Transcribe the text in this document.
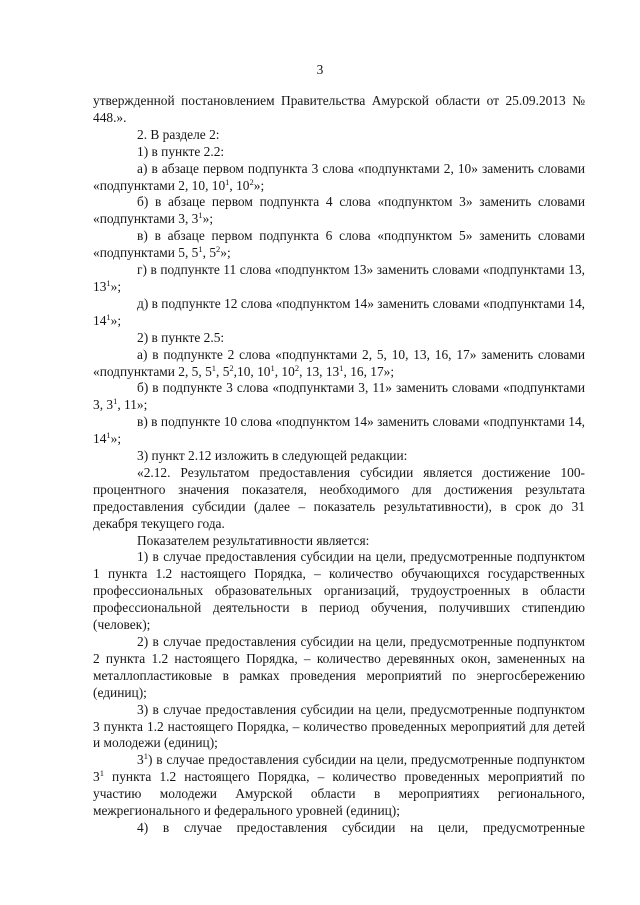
3

утвержденной постановлением Правительства Амурской области от 25.09.2013 № 448.».

2. В разделе 2:

1) в пункте 2.2:

а) в абзаце первом подпункта 3 слова «подпунктами 2, 10» заменить словами «подпунктами 2, 10, $10^1$, $10^2$»;

б) в абзаце первом подпункта 4 слова «подпунктом 3» заменить словами «подпунктами 3, $3^1$»;

в) в абзаце первом подпункта 6 слова «подпунктом 5» заменить словами «подпунктами 5, $5^1$, $5^2$»;

г) в подпункте 11 слова «подпунктом 13» заменить словами «подпунктами 13, $13^1$»;

д) в подпункте 12 слова «подпунктом 14» заменить словами «подпунктами 14, $14^1$»;

2) в пункте 2.5:

а) в подпункте 2 слова «подпунктами 2, 5, 10, 13, 16, 17» заменить словами «подпунктами 2, 5, $5^1$, $5^2,10$, $10^1$, $10^2$, 13, $13^1$, 16, 17»;

б) в подпункте 3 слова «подпунктами 3, 11» заменить словами «подпунктами 3, $3^1$, 11»;

в) в подпункте 10 слова «подпунктом 14» заменить словами «подпунктами 14, $14^1$»;

3) пункт 2.12 изложить в следующей редакции:

«2.12. Результатом предоставления субсидии является достижение 100-процентного значения показателя, необходимого для достижения результата предоставления субсидии (далее – показатель результативности), в срок до 31 декабря текущего года.

Показателем результативности является:

1) в случае предоставления субсидии на цели, предусмотренные подпунктом 1 пункта 1.2 настоящего Порядка, – количество обучающихся государственных профессиональных образовательных организаций, трудоустроенных в области профессиональной деятельности в период обучения, получивших стипендию (человек);

2) в случае предоставления субсидии на цели, предусмотренные подпунктом 2 пункта 1.2 настоящего Порядка, – количество деревянных окон, замененных на металлопластиковые в рамках проведения мероприятий по энергосбережению (единиц);

3) в случае предоставления субсидии на цели, предусмотренные подпунктом 3 пункта 1.2 настоящего Порядка, – количество проведенных мероприятий для детей и молодежи (единиц);

$3^1$) в случае предоставления субсидии на цели, предусмотренные подпунктом $3^1$ пункта 1.2 настоящего Порядка, – количество проведенных мероприятий по участию молодежи Амурской области в мероприятиях регионального, межрегионального и федерального уровней (единиц);

4) в случае предоставления субсидии на цели, предусмотренные
